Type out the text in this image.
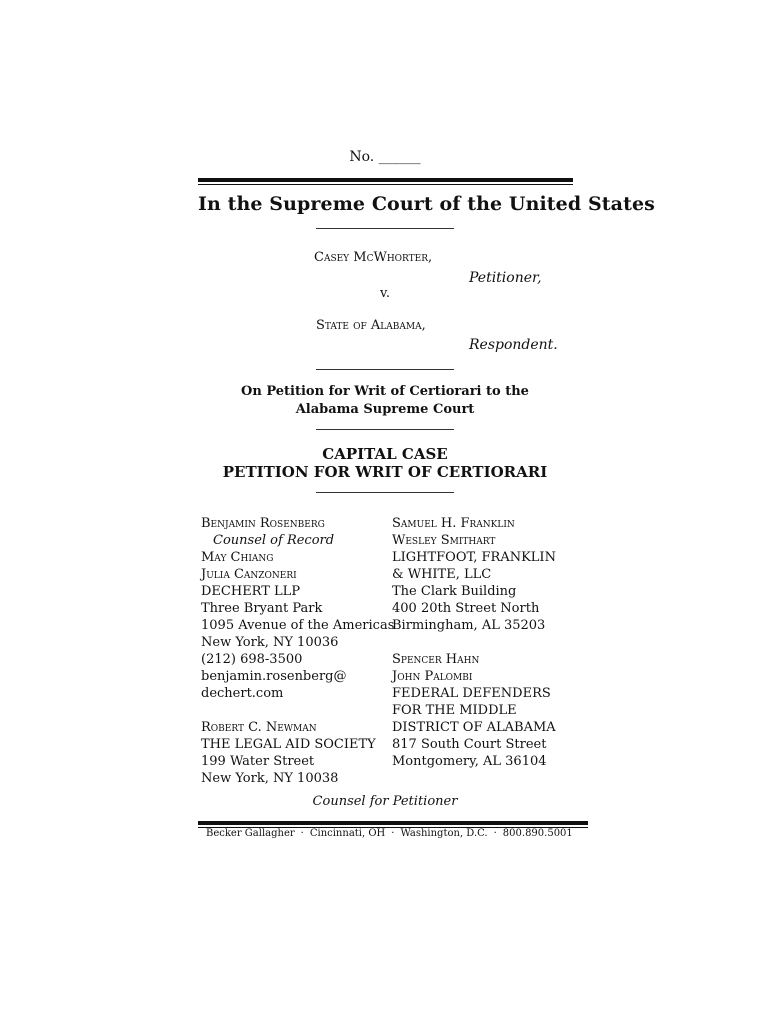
No. ______
In the Supreme Court of the United States
Casey McWhorter,
Petitioner,
v.
State of Alabama,
Respondent.
On Petition for Writ of Certiorari to the
Alabama Supreme Court
CAPITAL CASE
PETITION FOR WRIT OF CERTIORARI
Benjamin Rosenberg
Counsel of Record
May Chiang
Julia Canzoneri
DECHERT LLP
Three Bryant Park
1095 Avenue of the Americas
New York, NY 10036
(212) 698-3500
benjamin.rosenberg@
dechert.com
Robert C. Newman
THE LEGAL AID SOCIETY
199 Water Street
New York, NY 10038
Samuel H. Franklin
Wesley Smithart
LIGHTFOOT, FRANKLIN
& WHITE, LLC
The Clark Building
400 20th Street North
Birmingham, AL 35203
Spencer Hahn
John Palombi
FEDERAL DEFENDERS
FOR THE MIDDLE
DISTRICT OF ALABAMA
817 South Court Street
Montgomery, AL 36104
Counsel for Petitioner
Becker Gallagher · Cincinnati, OH · Washington, D.C. · 800.890.5001
